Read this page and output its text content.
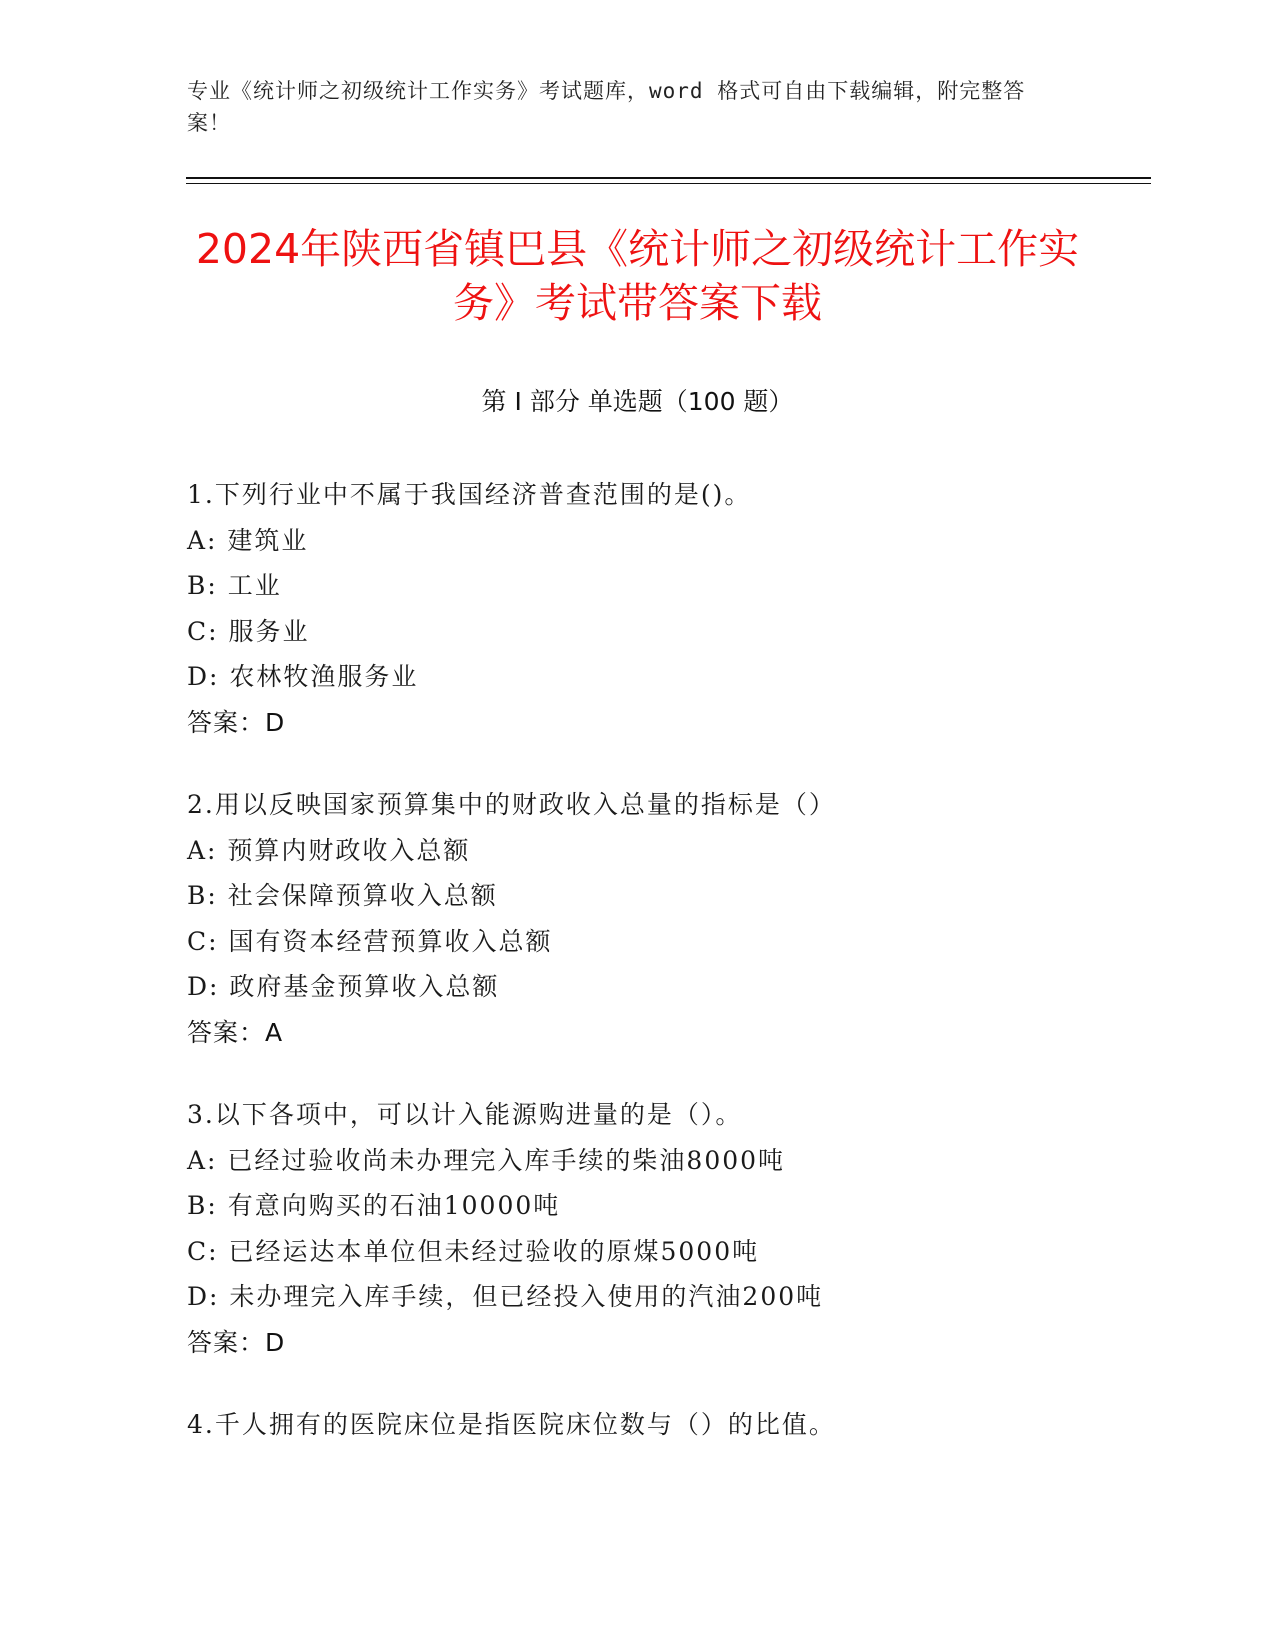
专业《统计师之初级统计工作实务》考试题库，word 格式可自由下载编辑，附完整答案！
2024年陕西省镇巴县《统计师之初级统计工作实务》考试带答案下载
第 I 部分 单选题（100 题）
1.下列行业中不属于我国经济普查范围的是()。
A: 建筑业
B: 工业
C: 服务业
D: 农林牧渔服务业
答案：D
2.用以反映国家预算集中的财政收入总量的指标是（）
A: 预算内财政收入总额
B: 社会保障预算收入总额
C: 国有资本经营预算收入总额
D: 政府基金预算收入总额
答案：A
3.以下各项中，可以计入能源购进量的是（）。
A: 已经过验收尚未办理完入库手续的柴油8000吨
B: 有意向购买的石油10000吨
C: 已经运达本单位但未经过验收的原煤5000吨
D: 未办理完入库手续，但已经投入使用的汽油200吨
答案：D
4.千人拥有的医院床位是指医院床位数与（）的比值。
